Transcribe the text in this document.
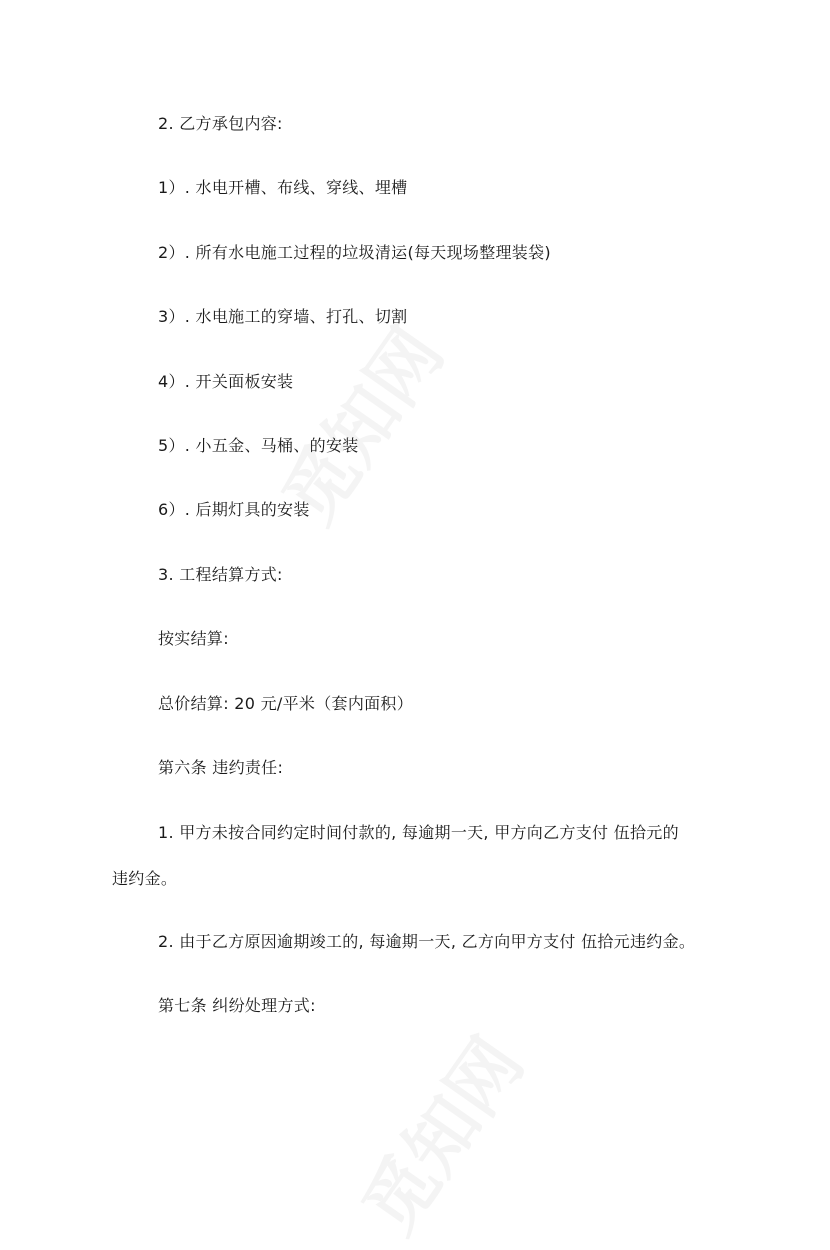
2. 乙方承包内容:
1）. 水电开槽、布线、穿线、埋槽
2）. 所有水电施工过程的垃圾清运(每天现场整理装袋)
3）. 水电施工的穿墙、打孔、切割
4）. 开关面板安装
5）. 小五金、马桶、的安装
6）. 后期灯具的安装
3. 工程结算方式:
按实结算:
总价结算: 20 元/平米（套内面积）
第六条 违约责任:
1. 甲方未按合同约定时间付款的, 每逾期一天, 甲方向乙方支付 伍拾元的
违约金。
2. 由于乙方原因逾期竣工的, 每逾期一天, 乙方向甲方支付 伍拾元违约金。
第七条 纠纷处理方式:
